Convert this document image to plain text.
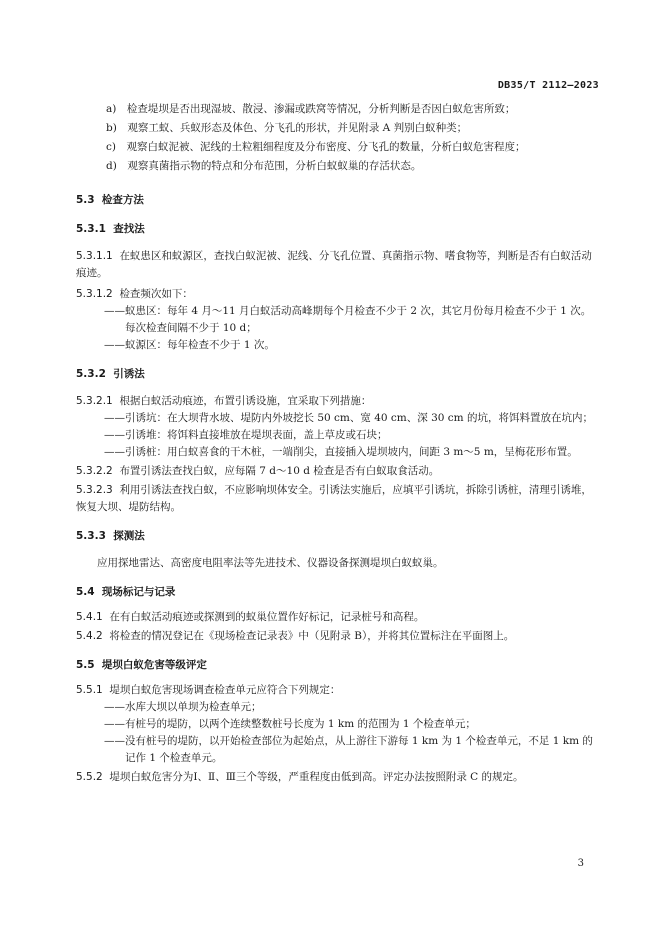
DB35/T 2112—2023
a)　检查堤坝是否出现湿坡、散浸、渗漏或跌窝等情况，分析判断是否因白蚁危害所致；
b)　观察工蚁、兵蚁形态及体色、分飞孔的形状，并见附录 A 判别白蚁种类；
c)　观察白蚁泥被、泥线的土粒粗细程度及分布密度、分飞孔的数量，分析白蚁危害程度；
d)　观察真菌指示物的特点和分布范围，分析白蚁蚁巢的存活状态。
5.3 检查方法
5.3.1 查找法
5.3.1.1 在蚁患区和蚁源区，查找白蚁泥被、泥线、分飞孔位置、真菌指示物、嗜食物等，判断是否有白蚁活动痕迹。
5.3.1.2 检查频次如下：
——蚁患区：每年 4 月～11 月白蚁活动高峰期每个月检查不少于 2 次，其它月份每月检查不少于 1 次。每次检查间隔不少于 10 d；
——蚁源区：每年检查不少于 1 次。
5.3.2 引诱法
5.3.2.1 根据白蚁活动痕迹，布置引诱设施，宜采取下列措施：
——引诱坑：在大坝背水坡、堤防内外坡挖长 50 cm、宽 40 cm、深 30 cm 的坑，将饵料置放在坑内；
——引诱堆：将饵料直接堆放在堤坝表面，盖上草皮或石块；
——引诱桩：用白蚁喜食的干木桩，一端削尖，直接插入堤坝坡内，间距 3 m～5 m，呈梅花形布置。
5.3.2.2 布置引诱法查找白蚁，应每隔 7 d～10 d 检查是否有白蚁取食活动。
5.3.2.3 利用引诱法查找白蚁，不应影响坝体安全。引诱法实施后，应填平引诱坑，拆除引诱桩，清理引诱堆，恢复大坝、堤防结构。
5.3.3 探测法
应用探地雷达、高密度电阻率法等先进技术、仪器设备探测堤坝白蚁蚁巢。
5.4 现场标记与记录
5.4.1 在有白蚁活动痕迹或探测到的蚁巢位置作好标记，记录桩号和高程。
5.4.2 将检查的情况登记在《现场检查记录表》中（见附录 B），并将其位置标注在平面图上。
5.5 堤坝白蚁危害等级评定
5.5.1 堤坝白蚁危害现场调查检查单元应符合下列规定：
——水库大坝以单坝为检查单元；
——有桩号的堤防，以两个连续整数桩号长度为 1 km 的范围为 1 个检查单元；
——没有桩号的堤防，以开始检查部位为起始点，从上游往下游每 1 km 为 1 个检查单元，不足 1 km 的记作 1 个检查单元。
5.5.2 堤坝白蚁危害分为Ⅰ、Ⅱ、Ⅲ三个等级，严重程度由低到高。评定办法按照附录 C 的规定。
3
